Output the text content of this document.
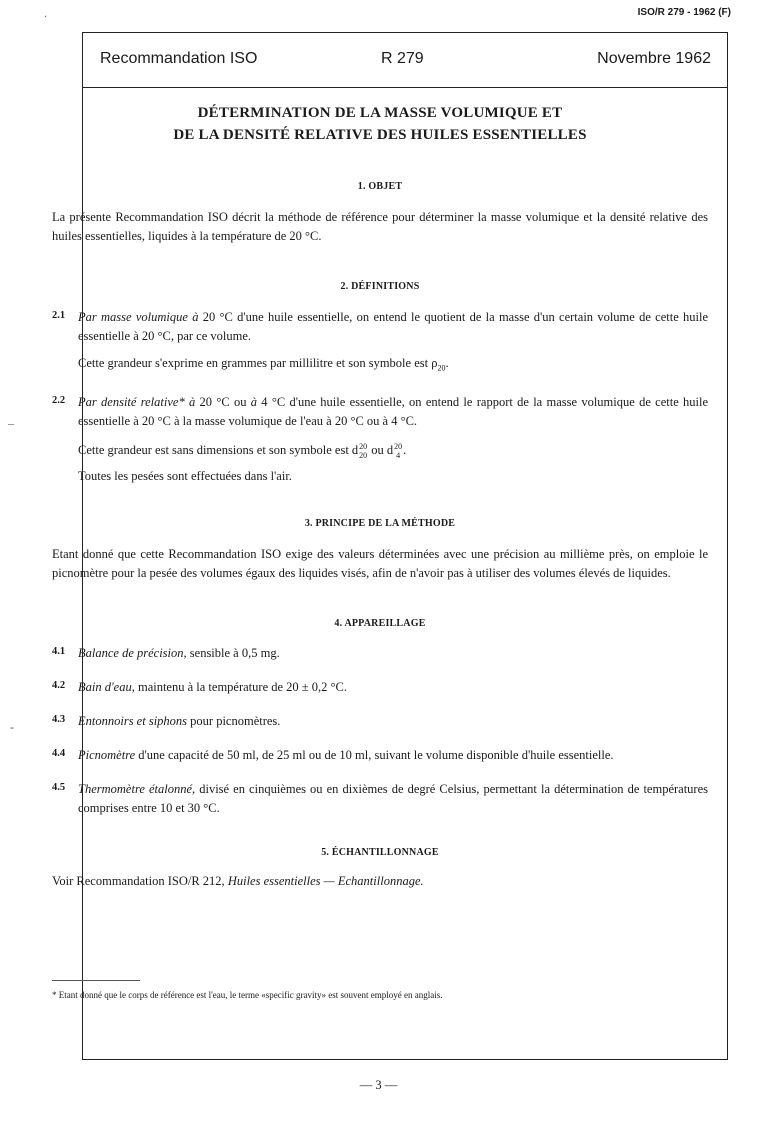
ISO/R 279 - 1962 (F)
.
–
-
Recommandation ISO	R 279	Novembre 1962
DÉTERMINATION DE LA MASSE VOLUMIQUE ET
DE LA DENSITÉ RELATIVE DES HUILES ESSENTIELLES
1. OBJET

La présente Recommandation ISO décrit la méthode de référence pour déterminer la masse volumique et la densité relative des huiles essentielles, liquides à la température de 20 °C.

2. DÉFINITIONS
2.1 Par masse volumique à 20 °C d'une huile essentielle, on entend le quotient de la masse d'un certain volume de cette huile essentielle à 20 °C, par ce volume.

Cette grandeur s'exprime en grammes par millilitre et son symbole est $\rho_{20}$.

2.2 Par densité relative* à 20 °C ou à 4 °C d'une huile essentielle, on entend le rapport de la masse volumique de cette huile essentielle à 20 °C à la masse volumique de l'eau à 20 °C ou à 4 °C.

Cette grandeur est sans dimensions et son symbole est d20
20 ou d20
4 .

Toutes les pesées sont effectuées dans l'air.

3. PRINCIPE DE LA MÉTHODE

Etant donné que cette Recommandation ISO exige des valeurs déterminées avec une précision au millième près, on emploie le picnomètre pour la pesée des volumes égaux des liquides visés, afin de n'avoir pas à utiliser des volumes élevés de liquides.

4. APPAREILLAGE
4.1 Balance de précision, sensible à 0,5 mg.

4.2 Bain d'eau, maintenu à la température de 20 ± 0,2 °C.

4.3 Entonnoirs et siphons pour picnomètres.

4.4 Picnomètre d'une capacité de 50 ml, de 25 ml ou de 10 ml, suivant le volume disponible d'huile essentielle.

4.5 Thermomètre étalonné, divisé en cinquièmes ou en dixièmes de degré Celsius, permettant la détermination de températures comprises entre 10 et 30 °C.

5. ÉCHANTILLONNAGE

Voir Recommandation ISO/R 212, Huiles essentielles — Echantillonnage.

* Etant donné que le corps de référence est l'eau, le terme «specific gravity» est souvent employé en anglais.
— 3 —
